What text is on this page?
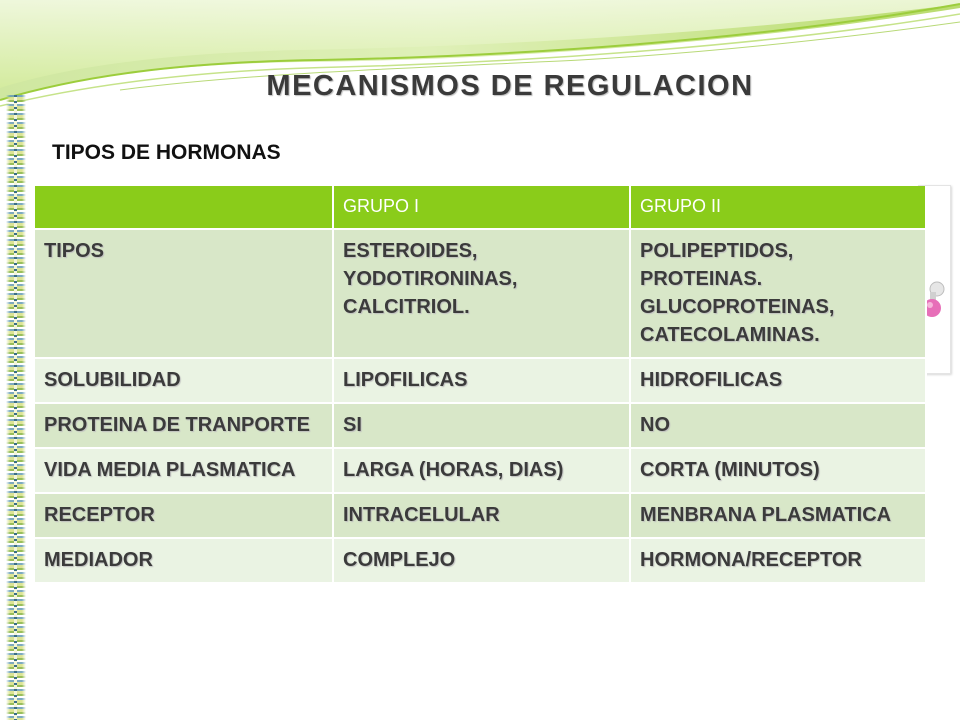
MECANISMOS DE REGULACION
TIPOS DE HORMONAS
	GRUPO I	GRUPO II
TIPOS	ESTEROIDES, YODOTIRONINAS, CALCITRIOL.	POLIPEPTIDOS, PROTEINAS. GLUCOPROTEINAS, CATECOLAMINAS.
SOLUBILIDAD	LIPOFILICAS	HIDROFILICAS
PROTEINA DE TRANPORTE	SI	NO
VIDA MEDIA PLASMATICA	LARGA (HORAS, DIAS)	CORTA (MINUTOS)
RECEPTOR	INTRACELULAR	MENBRANA PLASMATICA
MEDIADOR	COMPLEJO	HORMONA/RECEPTOR
